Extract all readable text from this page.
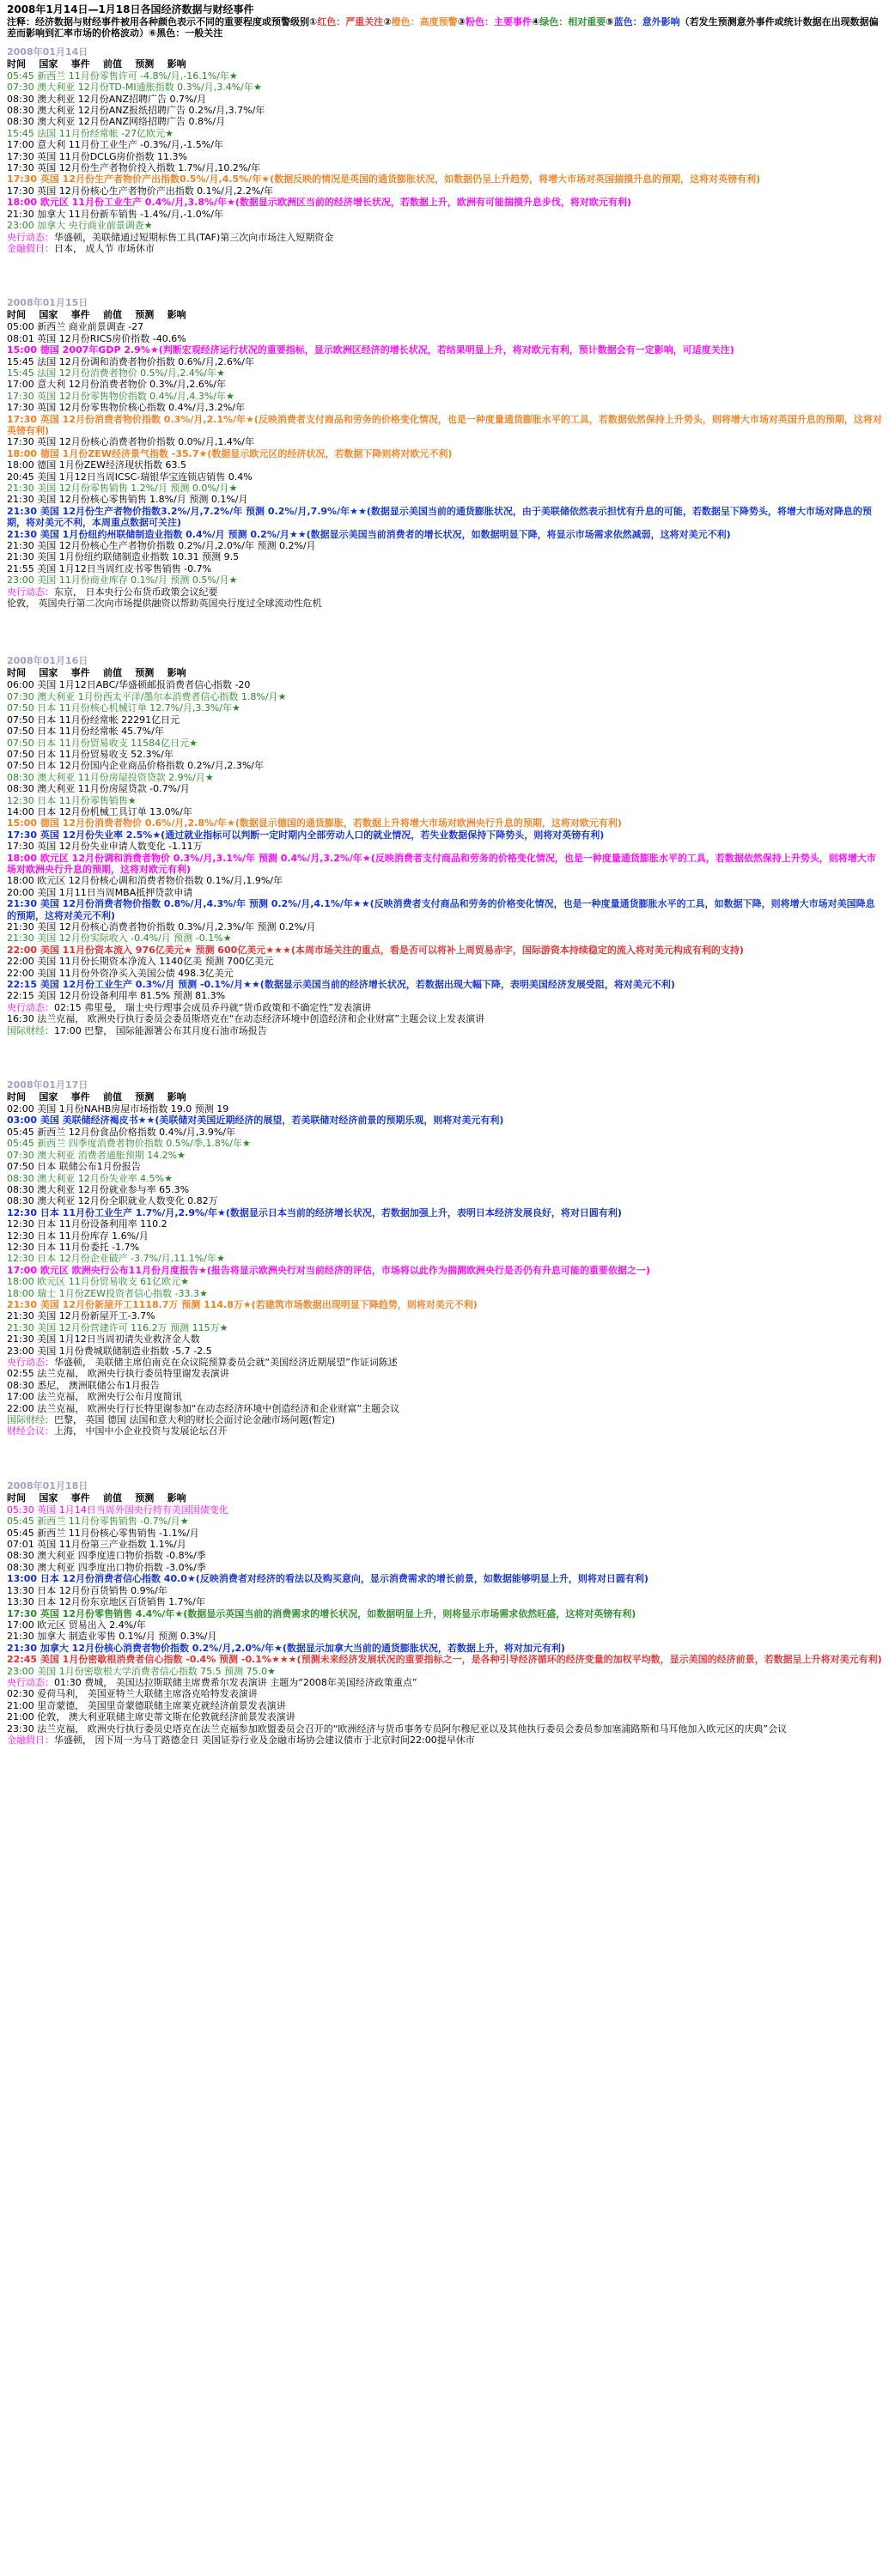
2008年1月14日—1月18日各国经济数据与财经事件
注释：经济数据与财经事件被用各种颜色表示不同的重要程度或预警级别①红色：严重关注②橙色：高度预警③粉色：主要事件④绿色：相对重要⑤蓝色：意外影响（若发生预测意外事件或统计数据在出现数据偏差而影响到汇率市场的价格波动）⑥黑色：一般关注
2008年01月14日
时间    国家    事件    前值    预测    影响
05:45 新西兰 11月份零售许可 -4.8%/月,-16.1%/年★
07:30 澳大利亚 12月份TD-MI通胀指数 0.3%/月,3.4%/年★
08:30 澳大利亚 12月份ANZ招聘广告 0.7%/月
08:30 澳大利亚 12月份ANZ报纸招聘广告 0.2%/月,3.7%/年
08:30 澳大利亚 12月份ANZ网络招聘广告 0.8%/月
15:45 法国 11月份经常帐 -27亿欧元★
17:00 意大利 11月份工业生产 -0.3%/月,-1.5%/年
17:30 英国 11月份DCLG房价指数 11.3%
17:30 英国 12月份生产者物价投入指数 1.7%/月,10.2%/年
17:30 英国 12月份生产者物价产出指数0.5%/月,4.5%/年★(数据反映的情况是英国的通货膨胀状况，如数据仍呈上升趋势，将增大市场对英国揣摸升息的预期，这将对英镑有利)
17:30 英国 12月份核心生产者物价产出指数 0.1%/月,2.2%/年
18:00 欧元区 11月份工业生产 0.4%/月,3.8%/年★(数据显示欧洲区当前的经济增长状况，若数据上升，欧洲有可能揣摸升息步伐，将对欧元有利)
21:30 加拿大 11月份新车销售 -1.4%/月,-1.0%/年
23:00 加拿大 央行商业前景调查★
央行动态：华盛顿，美联储通过短期标售工具(TAF)第三次向市场注入短期资金
金融假日：日本， 成人节 市场休市
2008年01月15日
时间    国家    事件    前值    预测    影响
05:00 新西兰 商业前景调查 -27
08:01 英国 12月份RICS房价指数 -40.6%
15:00 德国 2007年GDP 2.9%★(判断宏观经济运行状况的重要指标，显示欧洲区经济的增长状况，若结果明显上升，将对欧元有利，预计数据会有一定影响，可适度关注)
15:45 法国 12月份调和消费者物价指数 0.6%/月,2.6%/年
15:45 法国 12月份消费者物价 0.5%/月,2.4%/年★
17:00 意大利 12月份消费者物价 0.3%/月,2.6%/年
17:30 英国 12月份零售物价指数 0.4%/月,4.3%/年★
17:30 英国 12月份零售物价核心指数 0.4%/月,3.2%/年
17:30 英国 12月份消费者物价指数 0.3%/月,2.1%/年★(反映消费者支付商品和劳务的价格变化情况，也是一种度量通货膨胀水平的工具，若数据依然保持上升势头，则将增大市场对英国升息的预期，这将对英镑有利)
17:30 英国 12月份核心消费者物价指数 0.0%/月,1.4%/年
18:00 德国 1月份ZEW经济景气指数 -35.7★(数据显示欧元区的经济状况，若数据下降则将对欧元不利)
18:00 德国 1月份ZEW经济现状指数 63.5
20:45 美国 1月12日当周ICSC-瑞银华宝连锁店销售 0.4%
21:30 美国 12月份零售销售 1.2%/月 预测 0.0%/月★
21:30 美国 12月份核心零售销售 1.8%/月 预测 0.1%/月
21:30 美国 12月份生产者物价指数3.2%/月,7.2%/年 预测 0.2%/月,7.9%/年★★(数据显示美国当前的通货膨胀状况，由于美联储依然表示担忧有升息的可能，若数据呈下降势头，将增大市场对降息的预期，将对美元不利，本周重点数据可关注)
21:30 美国 1月份纽约州联储制造业指数 0.4%/月 预测 0.2%/月★★(数据显示美国当前消费者的增长状况，如数据明显下降，将显示市场需求依然减弱，这将对美元不利)
21:30 美国 12月份核心生产者物价指数 0.2%/月,2.0%/年 预测 0.2%/月
21:30 美国 1月份纽约联储制造业指数 10.31 预测 9.5
21:55 美国 1月12日当周红皮书零售销售 -0.7%
23:00 美国 11月份商业库存 0.1%/月 预测 0.5%/月★
央行动态：东京， 日本央行公布货币政策会议纪要
伦敦， 英国央行第二次向市场提供融资以帮助英国央行度过全球流动性危机
2008年01月16日
时间    国家    事件    前值    预测    影响
06:00 美国 1月12日ABC/华盛顿邮报消费者信心指数 -20
07:30 澳大利亚 1月份西太平洋/墨尔本消费者信心指数 1.8%/月★
07:50 日本 11月份核心机械订单 12.7%/月,3.3%/年★
07:50 日本 11月份经常帐 22291亿日元
07:50 日本 11月份经常帐 45.7%/年
07:50 日本 11月份贸易收支 11584亿日元★
07:50 日本 11月份贸易收支 52.3%/年
07:50 日本 12月份国内企业商品价格指数 0.2%/月,2.3%/年
08:30 澳大利亚 11月份房屋投资贷款 2.9%/月★
08:30 澳大利亚 11月份房屋贷款 -0.7%/月
12:30 日本 11月份零售销售★
14:00 日本 12月份机械工具订单 13.0%/年
15:00 德国 12月份消费者物价 0.6%/月,2.8%/年★(数据显示德国的通货膨胀，若数据上升将增大市场对欧洲央行升息的预期，这将对欧元有利)
17:30 英国 12月份失业率 2.5%★(通过就业指标可以判断一定时期内全部劳动人口的就业情况，若失业数据保持下降势头，则将对英镑有利)
17:30 英国 12月份失业申请人数变化 -1.11万
18:00 欧元区 12月份调和消费者物价 0.3%/月,3.1%/年 预测 0.4%/月,3.2%/年★(反映消费者支付商品和劳务的价格变化情况，也是一种度量通货膨胀水平的工具，若数据依然保持上升势头，则将增大市场对欧洲央行升息的预期，这将对欧元有利)
18:00 欧元区 12月份核心调和消费者物价指数 0.1%/月,1.9%/年
20:00 美国 1月11日当周MBA抵押贷款申请
21:30 美国 12月份消费者物价指数 0.8%/月,4.3%/年 预测 0.2%/月,4.1%/年★★(反映消费者支付商品和劳务的价格变化情况，也是一种度量通货膨胀水平的工具，如数据下降，则将增大市场对美国降息的预期，这将对美元不利)
21:30 美国 12月份核心消费者物价指数 0.3%/月,2.3%/年 预测 0.2%/月
21:30 美国 12月份实际收入 -0.4%/月 预测 -0.1%★
22:00 美国 11月份资本流入 976亿美元★ 预测 600亿美元★★★(本周市场关注的重点，看是否可以将补上周贸易赤字，国际游资本持续稳定的流入将对美元构成有利的支持)
22:00 美国 11月份长期资本净流入 1140亿美 预测 700亿美元
22:00 美国 11月份外资净买入美国公债 498.3亿美元
22:15 美国 12月份工业生产 0.3%/月 预测 -0.1%/月★★(数据显示美国当前的经济增长状况，若数据出现大幅下降，表明美国经济发展受阻，将对美元不利)
22:15 美国 12月份设备利用率 81.5% 预测 81.3%
央行动态：02:15 弗里曼， 瑞士央行理事会成员乔丹就“货币政策和不确定性”发表演讲
16:30 法兰克福， 欧洲央行执行委员会委员斯塔克在“在动态经济环境中创造经济和企业财富”主题会议上发表演讲
国际财经：17:00 巴黎， 国际能源署公布其月度石油市场报告
2008年01月17日
时间    国家    事件    前值    预测    影响
02:00 美国 1月份NAHB房屋市场指数 19.0 预测 19
03:00 美国 美联储经济褐皮书★★(美联储对美国近期经济的展望，若美联储对经济前景的预期乐观，则将对美元有利)
05:45 新西兰 12月份食品价格指数 0.4%/月,3.9%/年
05:45 新西兰 四季度消费者物价指数 0.5%/季,1.8%/年★
07:30 澳大利亚 消费者通胀预期 14.2%★
07:50 日本 联储公布1月份报告
08:30 澳大利亚 12月份失业率 4.5%★
08:30 澳大利亚 12月份就业参与率 65.3%
08:30 澳大利亚 12月份全职就业人数变化 0.82万
12:30 日本 11月份工业生产 1.7%/月,2.9%/年★(数据显示日本当前的经济增长状况，若数据加强上升，表明日本经济发展良好，将对日圆有利)
12:30 日本 11月份设备利用率 110.2
12:30 日本 11月份库存 1.6%/月
12:30 日本 11月份委托 -1.7%
12:30 日本 12月份企业破产 -3.7%/月,11.1%/年★
17:00 欧元区 欧洲央行公布11月份月度报告★(报告将显示欧洲央行对当前经济的评估，市场将以此作为揣测欧洲央行是否仍有升息可能的重要依据之一)
18:00 欧元区 11月份贸易收支 61亿欧元★
18:00 瑞士 1月份ZEW投资者信心指数 -33.3★
21:30 美国 12月份新屋开工1118.7万 预测 114.8万★(若建筑市场数据出现明显下降趋势，则将对美元不利)
21:30 美国 12月份新屋开工-3.7%
21:30 美国 12月份营建许可 116.2万 预测 115万★
21:30 美国 1月12日当周初请失业救济金人数
23:00 美国 1月份费城联储制造业指数 -5.7 -2.5
央行动态：华盛顿， 美联储主席伯南克在众议院预算委员会就“美国经济近期展望”作证词陈述
02:55 法兰克福， 欧洲央行执行委员特里谢发表演讲
08:30 悉尼， 澳洲联储公布1月报告
17:00 法兰克福， 欧洲央行公布月度简讯
22:00 法兰克福， 欧洲央行行长特里谢参加“在动态经济环境中创造经济和企业财富”主题会议
国际财经：巴黎， 英国 德国 法国和意大利的财长会面讨论金融市场问题(暂定)
财经会议：上海， 中国中小企业投资与发展论坛召开
2008年01月18日
时间    国家    事件    前值    预测    影响
05:30 英国 1月14日当周外国央行持有美国国债变化
05:45 新西兰 11月份零售销售 -0.7%/月★
05:45 新西兰 11月份核心零售销售 -1.1%/月
07:01 英国 11月份第三产业指数 1.1%/月
08:30 澳大利亚 四季度进口物价指数 -0.8%/季
08:30 澳大利亚 四季度出口物价指数 -3.0%/季
13:00 日本 12月份消费者信心指数 40.0★(反映消费者对经济的看法以及购买意向，显示消费需求的增长前景，如数据能够明显上升，则将对日圆有利)
13:30 日本 12月份百货销售 0.9%/年
13:30 日本 12月份东京地区百货销售 1.7%/年
17:30 英国 12月份零售销售 4.4%/年★(数据显示英国当前的消费需求的增长状况，如数据明显上升，则将显示市场需求依然旺盛，这将对英镑有利)
17:00 欧元区 贸易出入 2.4%/年
21:30 加拿大 制造业零售 0.1%/月 预测 0.3%/月
21:30 加拿大 12月份核心消费者物价指数 0.2%/月,2.0%/年★(数据显示加拿大当前的通货膨胀状况，若数据上升，将对加元有利)
22:45 美国 1月份密歇根消费者信心指数 -0.4% 预测 -0.1%★★★(预测未来经济发展状况的重要指标之一，是各种引导经济循环的经济变量的加权平均数，显示美国的经济前景，若数据呈上升将对美元有利)
23:00 美国 1月份密歇根大学消费者信心指数 75.5 预测 75.0★
央行动态：01:30 费城， 美国达拉斯联储主席费希尔发表演讲 主题为“2008年美国经济政策重点”
02:30 爱荷马利， 美国亚特兰大联储主席洛克哈特发表演讲
21:00 里奇蒙德， 美国里奇蒙德联储主席莱克就经济前景发表演讲
21:00 伦敦， 澳大利亚联储主席史蒂文斯在伦敦就经济前景发表演讲
23:30 法兰克福， 欧洲央行执行委员史塔克在法兰克福参加欧盟委员会召开的“欧洲经济与货币事务专员阿尔穆尼亚以及其他执行委员会委员参加塞浦路斯和马耳他加入欧元区的庆典”会议
金融假日：华盛顿， 因下周一为马丁路德金日 美国证券行业及金融市场协会建议债市于北京时间22:00提早休市
